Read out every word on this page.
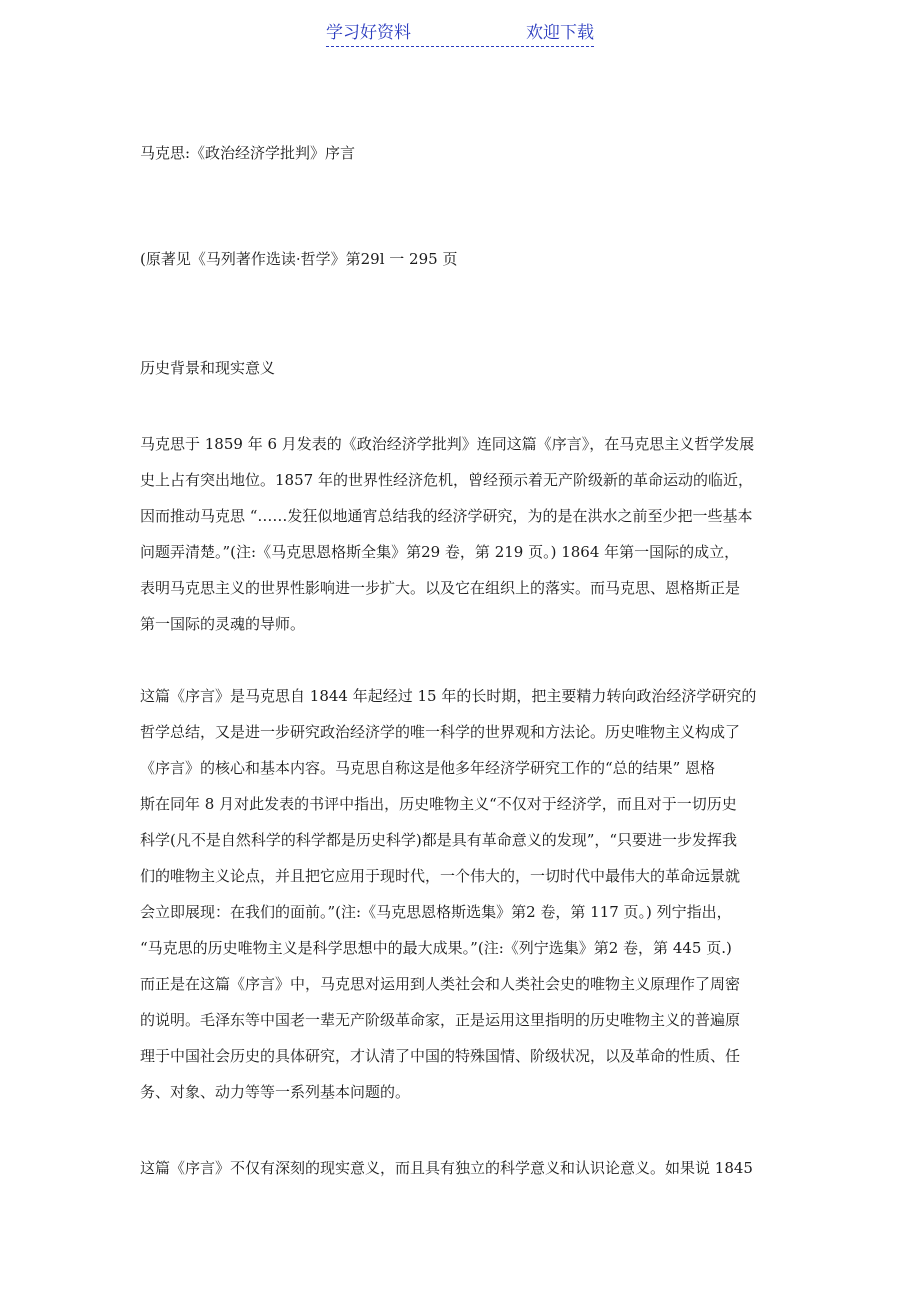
学习好资料	欢迎下载
马克思:《政治经济学批判》序言
(原著见《马列著作选读·哲学》第29l 一 295 页
历史背景和现实意义
马克思于 1859 年 6 月发表的《政治经济学批判》连同这篇《序言》，在马克思主义哲学发展
史上占有突出地位。1857 年的世界性经济危机，曾经预示着无产阶级新的革命运动的临近，
因而推动马克思 “……发狂似地通宵总结我的经济学研究，为的是在洪水之前至少把一些基本
问题弄清楚。”(注:《马克思恩格斯全集》第29 卷，第 219 页。) 1864 年第一国际的成立，
表明马克思主义的世界性影响进一步扩大。以及它在组织上的落实。而马克思、恩格斯正是
第一国际的灵魂的导师。
这篇《序言》是马克思自 1844 年起经过 15 年的长时期，把主要精力转向政治经济学研究的
哲学总结，又是进一步研究政治经济学的唯一科学的世界观和方法论。历史唯物主义构成了
《序言》的核心和基本内容。马克思自称这是他多年经济学研究工作的“总的结果” 恩格
斯在同年 8 月对此发表的书评中指出，历史唯物主义“不仅对于经济学，而且对于一切历史
科学(凡不是自然科学的科学都是历史科学)都是具有革命意义的发现”，“只要进一步发挥我
们的唯物主义论点，并且把它应用于现时代，一个伟大的，一切时代中最伟大的革命远景就
会立即展现：在我们的面前。”(注:《马克思恩格斯选集》第2 卷，第 117 页。) 列宁指出，
“马克思的历史唯物主义是科学思想中的最大成果。”(注:《列宁选集》第2 卷，第 445 页.)
而正是在这篇《序言》中，马克思对运用到人类社会和人类社会史的唯物主义原理作了周密
的说明。毛泽东等中国老一辈无产阶级革命家，正是运用这里指明的历史唯物主义的普遍原
理于中国社会历史的具体研究，才认清了中国的特殊国情、阶级状况，以及革命的性质、任
务、对象、动力等等一系列基本问题的。
这篇《序言》不仅有深刻的现实意义，而且具有独立的科学意义和认识论意义。如果说 1845
